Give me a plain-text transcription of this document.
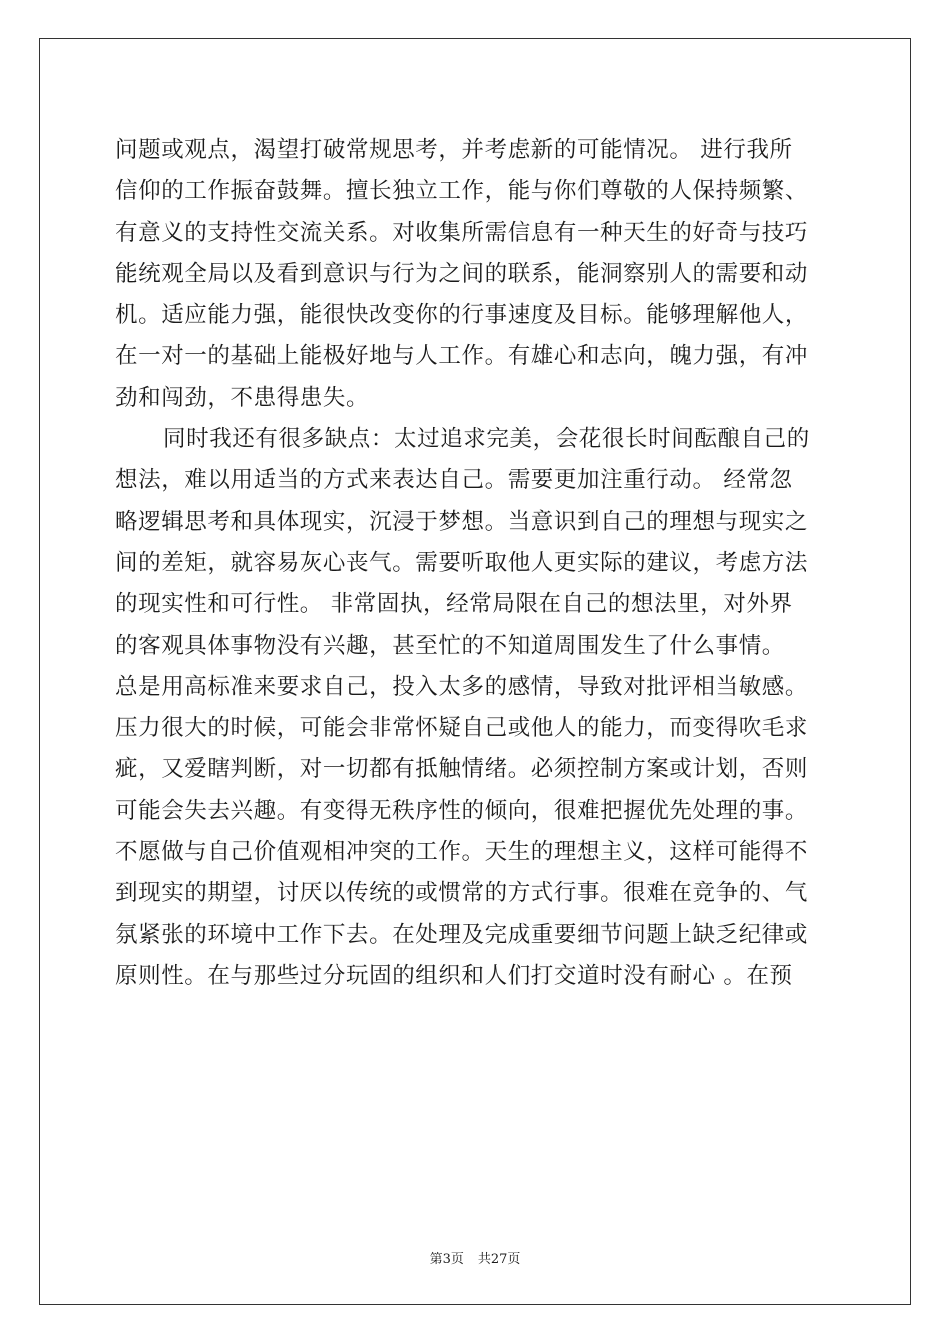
问题或观点，渴望打破常规思考，并考虑新的可能情况。 进行我所
信仰的工作振奋鼓舞。擅长独立工作，能与你们尊敬的人保持频繁、
有意义的支持性交流关系。对收集所需信息有一种天生的好奇与技巧
能统观全局以及看到意识与行为之间的联系，能洞察别人的需要和动
机。适应能力强，能很快改变你的行事速度及目标。能够理解他人，
在一对一的基础上能极好地与人工作。有雄心和志向，魄力强，有冲
劲和闯劲，不患得患失。
同时我还有很多缺点：太过追求完美，会花很长时间酝酿自己的
想法，难以用适当的方式来表达自己。需要更加注重行动。 经常忽
略逻辑思考和具体现实，沉浸于梦想。当意识到自己的理想与现实之
间的差矩，就容易灰心丧气。需要听取他人更实际的建议，考虑方法
的现实性和可行性。 非常固执，经常局限在自己的想法里，对外界
的客观具体事物没有兴趣，甚至忙的不知道周围发生了什么事情。
总是用高标准来要求自己，投入太多的感情，导致对批评相当敏感。
压力很大的时候，可能会非常怀疑自己或他人的能力，而变得吹毛求
疵，又爱瞎判断，对一切都有抵触情绪。必须控制方案或计划，否则
可能会失去兴趣。有变得无秩序性的倾向，很难把握优先处理的事。
不愿做与自己价值观相冲突的工作。天生的理想主义，这样可能得不
到现实的期望，讨厌以传统的或惯常的方式行事。很难在竞争的、气
氛紧张的环境中工作下去。在处理及完成重要细节问题上缺乏纪律或
原则性。在与那些过分玩固的组织和人们打交道时没有耐心 。在预
第3页 共27页
